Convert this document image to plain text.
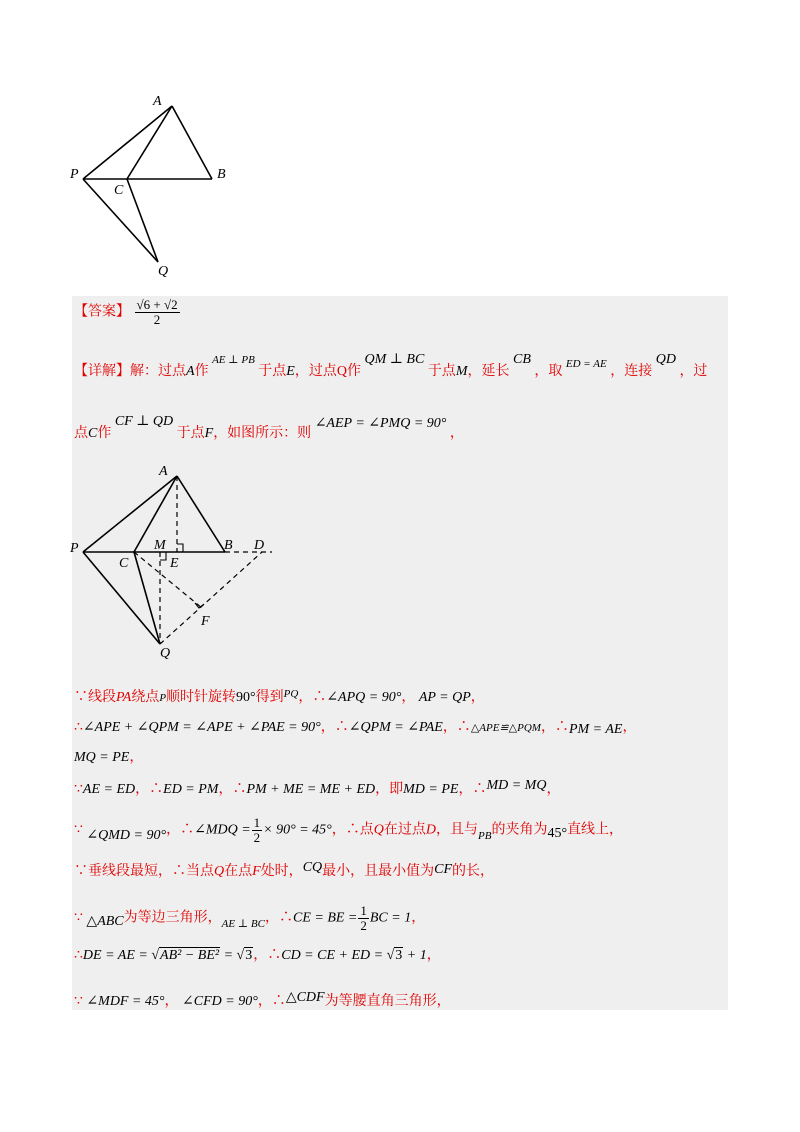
A
P
C
B
Q
【答案】 $\frac{√6 + √2}{2}$
【详解】解：过点A作 $^{AE \perp PB}$ 于点E，过点Q作 QM ⊥ BC 于点M，延长 CB ，取 $^{ED = AE}$ ，连接 QD ，过
点C作 CF ⊥ QD 于点F，如图所示：则 ∠AEP = ∠PMQ = 90° ，
A
P
C
M
E
B D
F
Q
∵线段PA绕点P顺时针旋转90°得到$^{PQ}$，∴∠APQ = 90°， AP = QP，
∴∠APE + ∠QPM = ∠APE + ∠PAE = 90°，∴∠QPM = ∠PAE，∴△APE≌△PQM，∴PM = AE，
MQ = PE，
∵AE = ED，∴ED = PM，∴PM + ME = ME + ED，即MD = PE，∴MD = MQ，
∵ ∠QMD = 90°，∴∠MDQ = $\frac{1}{2} \times 90^\circ = 45^\circ$，∴点Q在过点D，且与$_{PB}$的夹角为45°直线上，
∵垂线段最短，∴当点Q在点F处时，CQ最小，且最小值为CF的长，
∵ △ABC为等边三角形，$_{AE \perp BC}$，∴CE = BE = $\frac{1}{2}$ BC = 1，
∴DE = AE = √AB² − BE² = √3，∴CD = CE + ED = √3 + 1，
∵ ∠MDF = 45°， ∠CFD = 90°，∴△CDF为等腰直角三角形，
